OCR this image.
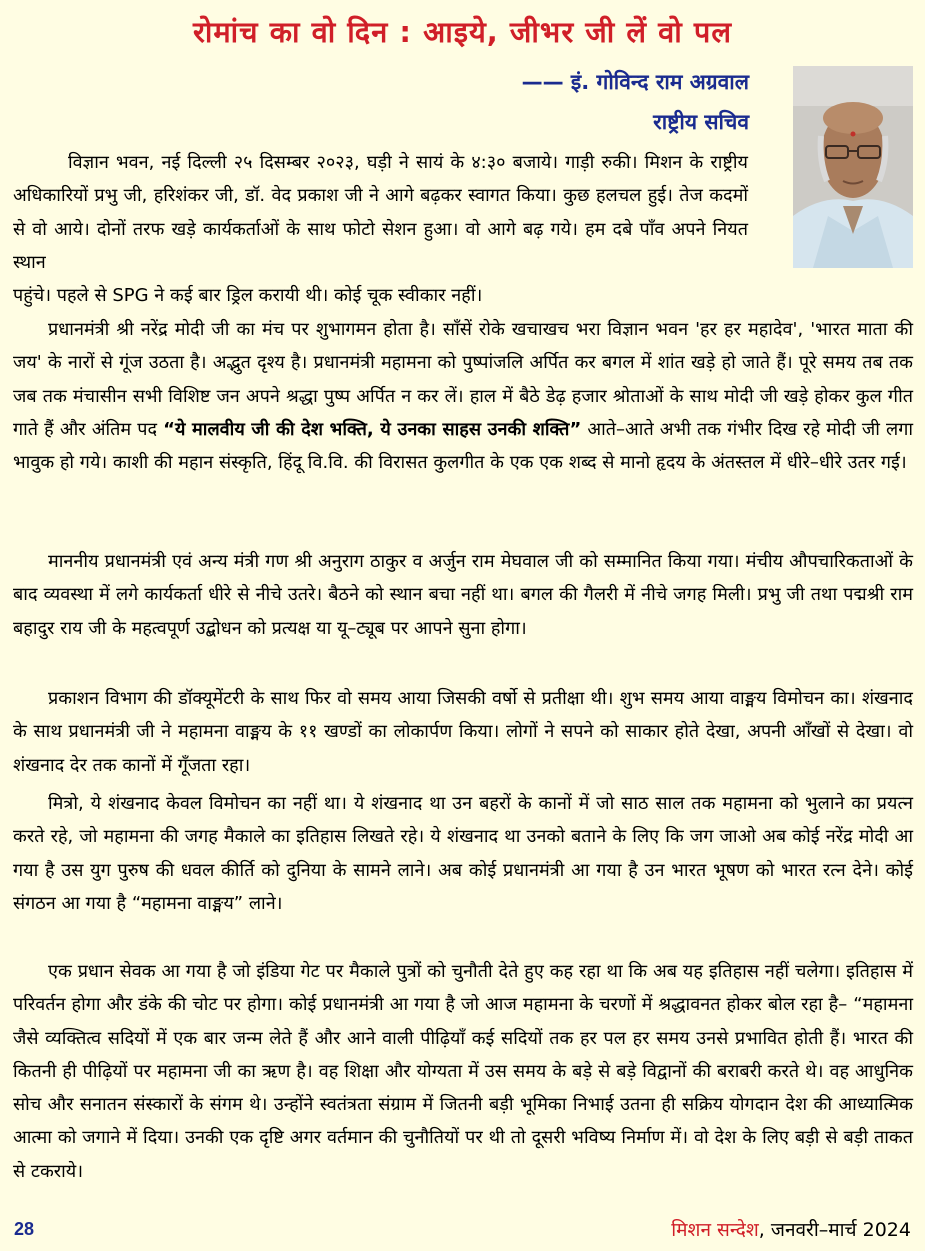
रोमांच का वो दिन : आइये, जीभर जी लें वो पल
—— इं. गोविन्द राम अग्रवाल
राष्ट्रीय सचिव

विज्ञान भवन, नई दिल्ली २५ दिसम्बर २०२३, घड़ी ने सायं के ४:३० बजाये। गाड़ी रुकी। मिशन के राष्ट्रीय अधिकारियों प्रभु जी, हरिशंकर जी, डॉ. वेद प्रकाश जी ने आगे बढ़कर स्वागत किया। कुछ हलचल हुई। तेज कदमों से वो आये। दोनों तरफ खड़े कार्यकर्ताओं के साथ फोटो सेशन हुआ। वो आगे बढ़ गये। हम दबे पाँव अपने नियत स्थान

पहुंचे। पहले से SPG ने कई बार ड्रिल करायी थी। कोई चूक स्वीकार नहीं।

प्रधानमंत्री श्री नरेंद्र मोदी जी का मंच पर शुभागमन होता है। साँसें रोके खचाखच भरा विज्ञान भवन 'हर हर महादेव', 'भारत माता की जय' के नारों से गूंज उठता है। अद्भुत दृश्य है। प्रधानमंत्री महामना को पुष्पांजलि अर्पित कर बगल में शांत खड़े हो जाते हैं। पूरे समय तब तक जब तक मंचासीन सभी विशिष्ट जन अपने श्रद्धा पुष्प अर्पित न कर लें। हाल में बैठे डेढ़ हजार श्रोताओं के साथ मोदी जी खड़े होकर कुल गीत गाते हैं और अंतिम पद “ये मालवीय जी की देश भक्ति, ये उनका साहस उनकी शक्ति” आते–आते अभी तक गंभीर दिख रहे मोदी जी लगा भावुक हो गये। काशी की महान संस्कृति, हिंदू वि.वि. की विरासत कुलगीत के एक एक शब्द से मानो हृदय के अंतस्तल में धीरे–धीरे उतर गई।

माननीय प्रधानमंत्री एवं अन्य मंत्री गण श्री अनुराग ठाकुर व अर्जुन राम मेघवाल जी को सम्मानित किया गया। मंचीय औपचारिकताओं के बाद व्यवस्था में लगे कार्यकर्ता धीरे से नीचे उतरे। बैठने को स्थान बचा नहीं था। बगल की गैलरी में नीचे जगह मिली। प्रभु जी तथा पद्मश्री राम बहादुर राय जी के महत्वपूर्ण उद्बोधन को प्रत्यक्ष या यू–ट्यूब पर आपने सुना होगा।

प्रकाशन विभाग की डॉक्यूमेंटरी के साथ फिर वो समय आया जिसकी वर्षो से प्रतीक्षा थी। शुभ समय आया वाङ्मय विमोचन का। शंखनाद के साथ प्रधानमंत्री जी ने महामना वाङ्मय के ११ खण्डों का लोकार्पण किया। लोगों ने सपने को साकार होते देखा, अपनी आँखों से देखा। वो शंखनाद देर तक कानों में गूँजता रहा।

मित्रो, ये शंखनाद केवल विमोचन का नहीं था। ये शंखनाद था उन बहरों के कानों में जो साठ साल तक महामना को भुलाने का प्रयत्न करते रहे, जो महामना की जगह मैकाले का इतिहास लिखते रहे। ये शंखनाद था उनको बताने के लिए कि जग जाओ अब कोई नरेंद्र मोदी आ गया है उस युग पुरुष की धवल कीर्ति को दुनिया के सामने लाने। अब कोई प्रधानमंत्री आ गया है उन भारत भूषण को भारत रत्न देने। कोई संगठन आ गया है “महामना वाङ्मय” लाने।

एक प्रधान सेवक आ गया है जो इंडिया गेट पर मैकाले पुत्रों को चुनौती देते हुए कह रहा था कि अब यह इतिहास नहीं चलेगा। इतिहास में परिवर्तन होगा और डंके की चोट पर होगा। कोई प्रधानमंत्री आ गया है जो आज महामना के चरणों में श्रद्धावनत होकर बोल रहा है– “महामना जैसे व्यक्तित्व सदियों में एक बार जन्म लेते हैं और आने वाली पीढ़ियाँ कई सदियों तक हर पल हर समय उनसे प्रभावित होती हैं। भारत की कितनी ही पीढ़ियों पर महामना जी का ऋण है। वह शिक्षा और योग्यता में उस समय के बड़े से बड़े विद्वानों की बराबरी करते थे। वह आधुनिक सोच और सनातन संस्कारों के संगम थे। उन्होंने स्वतंत्रता संग्राम में जितनी बड़ी भूमिका निभाई उतना ही सक्रिय योगदान देश की आध्यात्मिक आत्मा को जगाने में दिया। उनकी एक दृष्टि अगर वर्तमान की चुनौतियों पर थी तो दूसरी भविष्य निर्माण में। वो देश के लिए बड़ी से बड़ी ताकत से टकराये।

28	मिशन सन्देश, जनवरी–मार्च 2024
